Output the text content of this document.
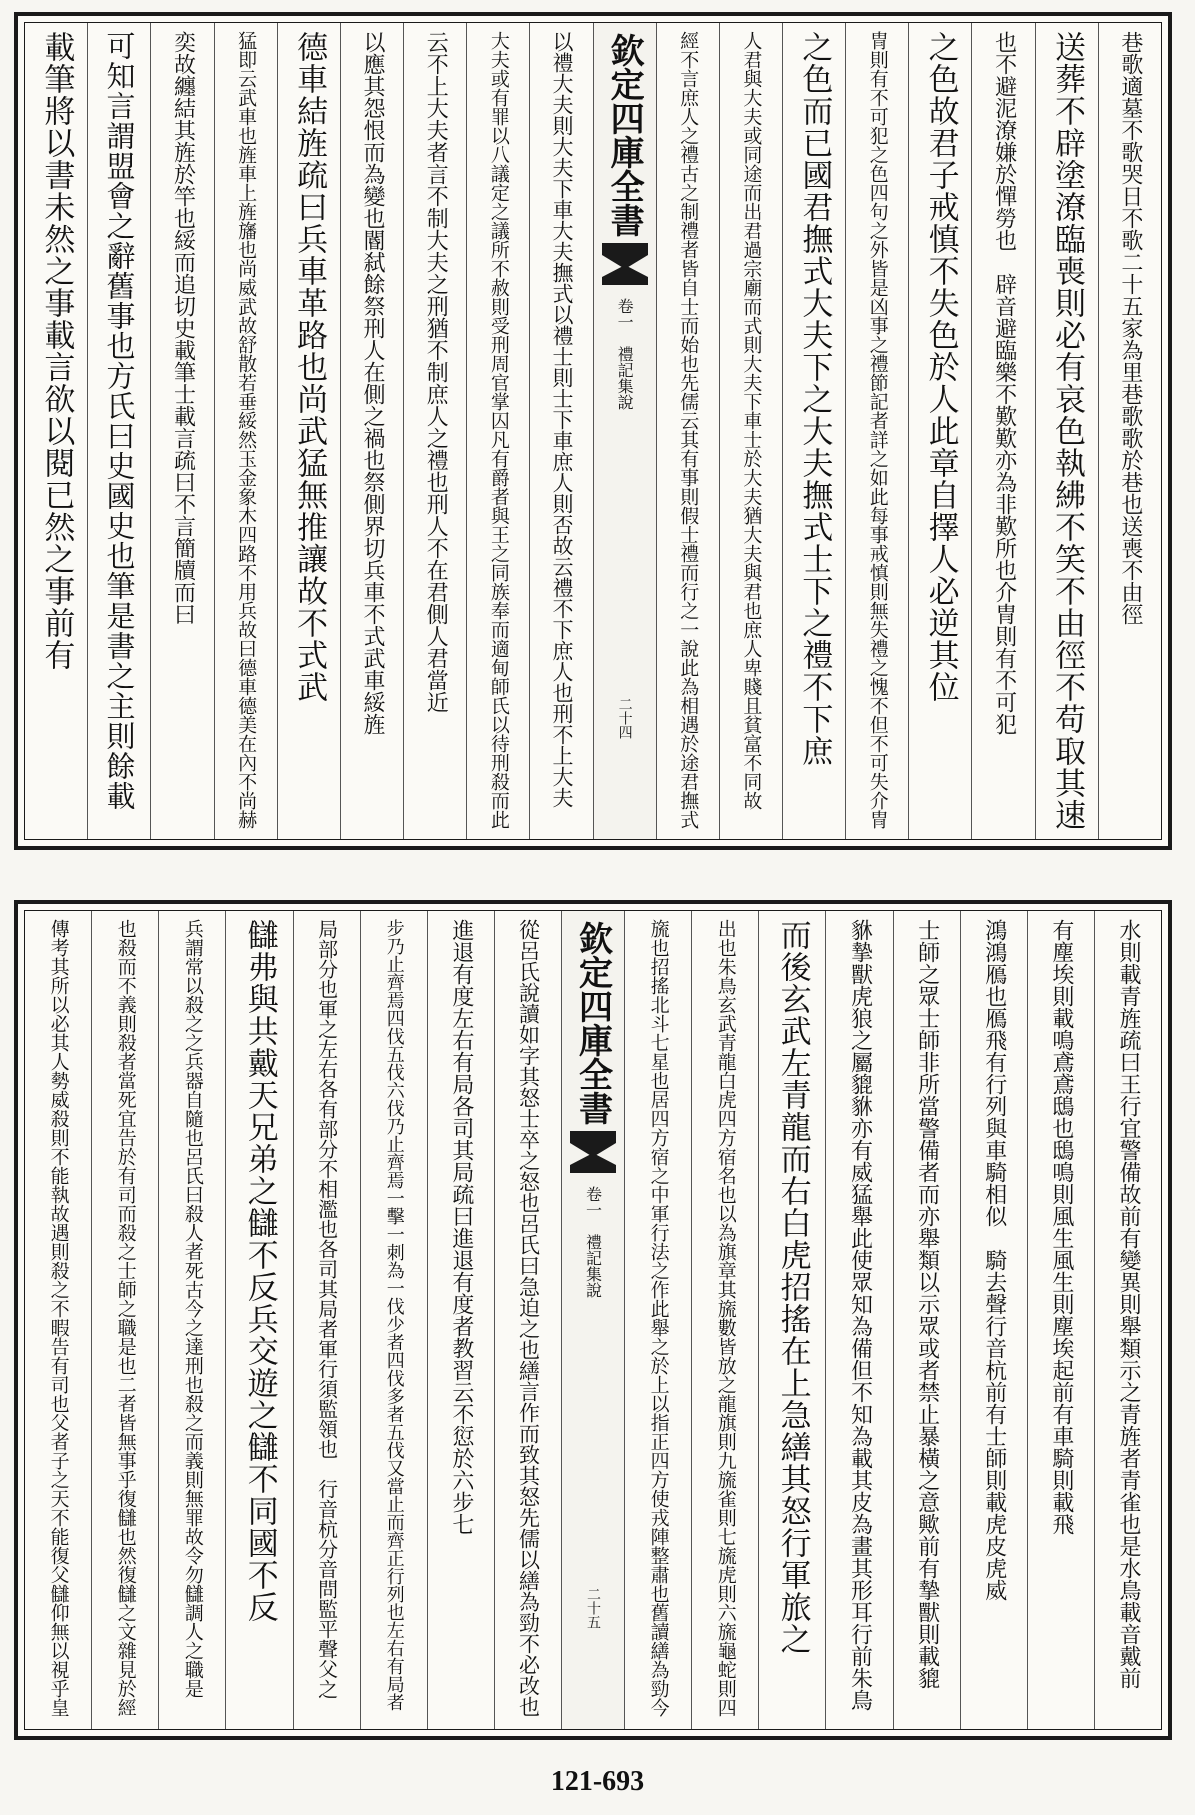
巷歌適墓不歌哭日不歌二十五家為里巷歌歌於巷也送喪不由徑
送葬不辟塗潦臨喪則必有哀色執紼不笑不由徑不苟取其速
也不避泥潦嫌於憚勞也　辟音避臨樂不歎歎亦為非歎所也介冑則有不可犯
之色故君子戒慎不失色於人此章自擇人必逆其位
冑則有不可犯之色四句之外皆是凶事之禮節記者詳之如此每事戒慎則無失禮之愧不但不可失介冑
之色而已國君撫式大夫下之大夫撫式士下之禮不下庶
人君與大夫或同途而出君過宗廟而式則大夫下車士於大夫猶大夫與君也庶人卑賤且貧富不同故
經不言庶人之禮古之制禮者皆自士而始也先儒云其有事則假士禮而行之一說此為相遇於途君撫式
欽定四庫全書
卷一　禮記集說
二十四
以禮大夫則大夫下車大夫撫式以禮士則士下車庶人則否故云禮不下庶人也刑不上大夫
大夫或有罪以八議定之議所不赦則受刑周官掌囚凡有爵者與王之同族奉而適甸師氏以待刑殺而此
云不上大夫者言不制大夫之刑猶不制庶人之禮也刑人不在君側人君當近
以應其怨恨而為變也閽弑餘祭刑人在側之禍也祭側界切兵車不式武車綏旌
德車結旌疏曰兵車革路也尚武猛無推讓故不式武
猛即云武車也旌車上旌旛也尚威武故舒散若垂綏然玉金象木四路不用兵故曰德車德美在內不尚赫
奕故纏結其旌於竿也綏而追切史載筆士載言疏曰不言簡牘而曰
可知言謂盟會之辭舊事也方氏曰史國史也筆是書之主則餘載
載筆將以書未然之事載言欲以閱已然之事前有
水則載青旌疏曰王行宜警備故前有變異則舉類示之青旌者青雀也是水鳥載音戴前
有塵埃則載鳴鳶鳶鴟也鴟鳴則風生風生則塵埃起前有車騎則載飛
鴻鴻鴈也鴈飛有行列與車騎相似　騎去聲行音杭前有士師則載虎皮虎威
士師之眾士師非所當警備者而亦舉類以示眾或者禁止暴橫之意歟前有摯獸則載貔
貅摯獸虎狼之屬貔貅亦有威猛舉此使眾知為備但不知為載其皮為畫其形耳行前朱鳥
而後玄武左青龍而右白虎招搖在上急繕其怒行軍旅之
出也朱鳥玄武青龍白虎四方宿名也以為旗章其旒數皆放之龍旗則九旒雀則七旒虎則六旒龜蛇則四
旒也招搖北斗七星也居四方宿之中軍行法之作此舉之於上以指正四方使戎陣整肅也舊讀繕為勁今
欽定四庫全書
卷一　禮記集說
二十五
從呂氏說讀如字其怒士卒之怒也呂氏曰急迫之也繕言作而致其怒先儒以繕為勁不必改也
進退有度左右有局各司其局疏曰進退有度者教習云不愆於六步七
步乃止齊焉四伐五伐六伐乃止齊焉一擊一刺為一伐少者四伐多者五伐又當止而齊正行列也左右有局者
局部分也軍之左右各有部分不相濫也各司其局者軍行須監領也　行音杭分音問監平聲父之
讎弗與共戴天兄弟之讎不反兵交遊之讎不同國不反
兵謂常以殺之之兵器自隨也呂氏曰殺人者死古今之達刑也殺之而義則無罪故令勿讎調人之職是
也殺而不義則殺者當死宜告於有司而殺之士師之職是也二者皆無事乎復讎也然復讎之文雜見於經
傳考其所以必其人勢威殺則不能執故遇則殺之不暇告有司也父者子之天不能復父讎仰無以視乎皇
121-693
